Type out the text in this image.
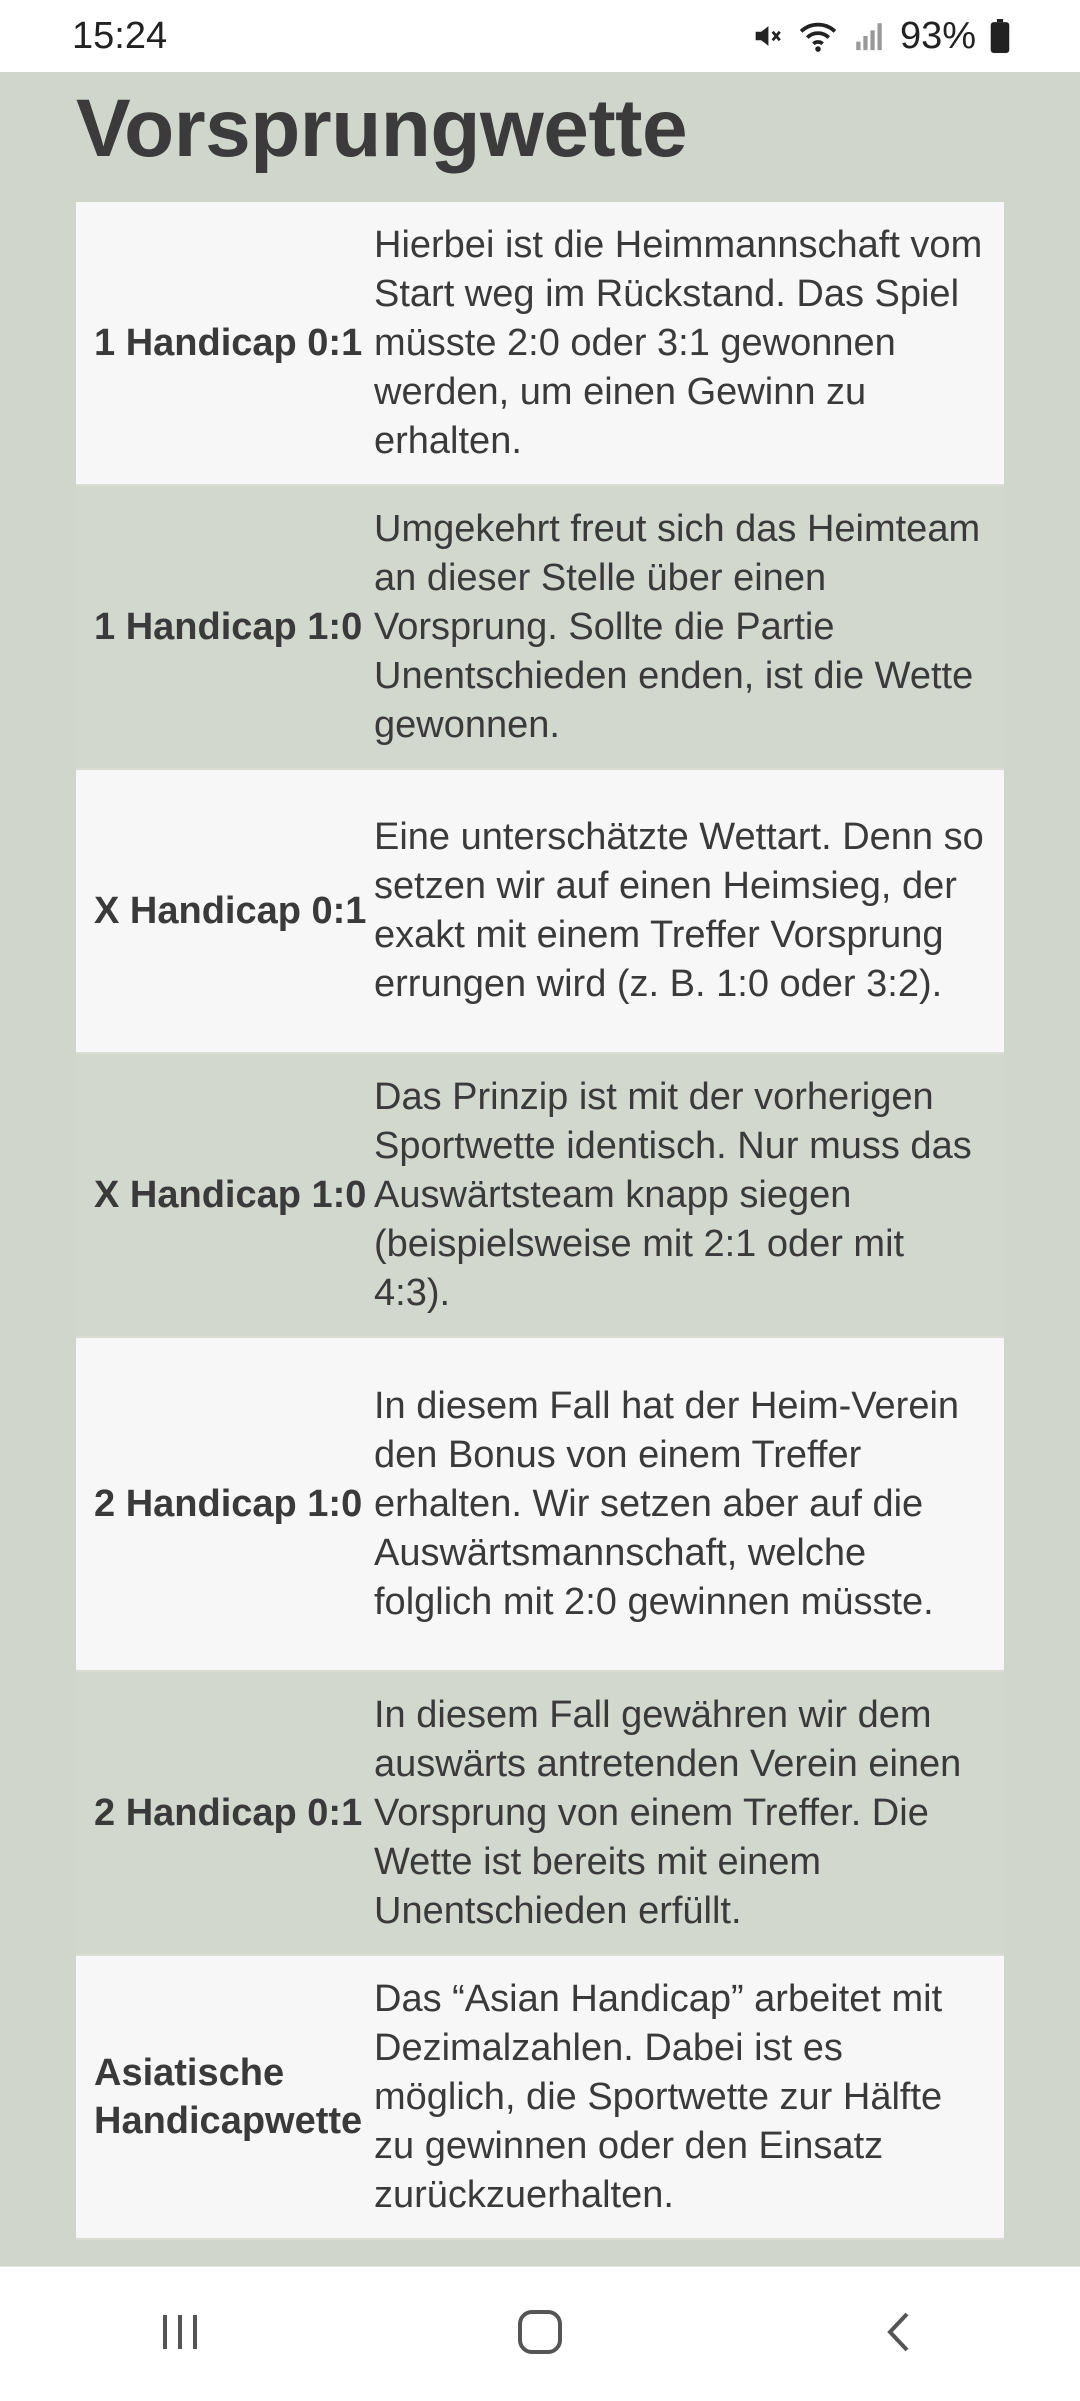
15:24	93%
Vorsprungwette
1 Handicap 0:1
Hierbei ist die Heimmannschaft vom Start weg im Rückstand. Das Spiel müsste 2:0 oder 3:1 gewonnen werden, um einen Gewinn zu erhalten.
1 Handicap 1:0
Umgekehrt freut sich das Heimteam an dieser Stelle über einen Vorsprung. Sollte die Partie Unentschieden enden, ist die Wette gewonnen.
X Handicap 0:1
Eine unterschätzte Wettart. Denn so setzen wir auf einen Heimsieg, der exakt mit einem Treffer Vorsprung errungen wird (z. B. 1:0 oder 3:2).
X Handicap 1:0
Das Prinzip ist mit der vorherigen Sportwette identisch. Nur muss das Auswärtsteam knapp siegen (beispielsweise mit 2:1 oder mit 4:3).
2 Handicap 1:0
In diesem Fall hat der Heim-Verein den Bonus von einem Treffer erhalten. Wir setzen aber auf die Auswärtsmannschaft, welche folglich mit 2:0 gewinnen müsste.
2 Handicap 0:1
In diesem Fall gewähren wir dem auswärts antretenden Verein einen Vorsprung von einem Treffer. Die Wette ist bereits mit einem Unentschieden erfüllt.
Asiatische Handicapwette
Das “Asian Handicap” arbeitet mit Dezimalzahlen. Dabei ist es möglich, die Sportwette zur Hälfte zu gewinnen oder den Einsatz zurückzuerhalten.
